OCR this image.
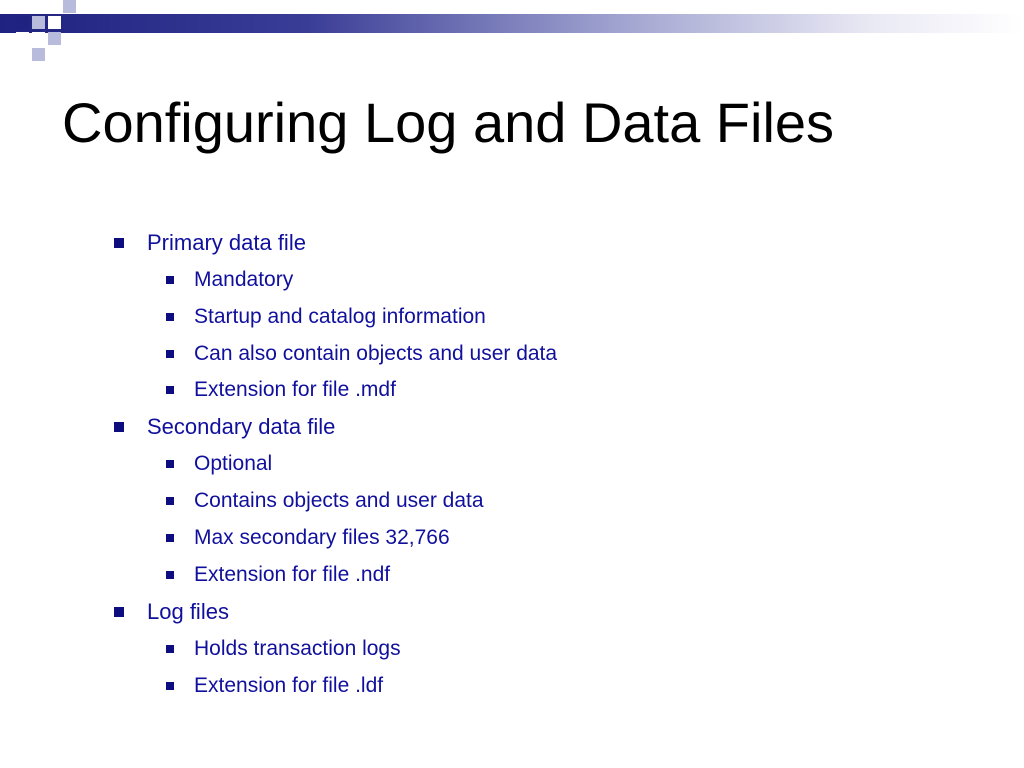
Configuring Log and Data Files
Primary data file
Mandatory
Startup and catalog information
Can also contain objects and user data
Extension for file .mdf
Secondary data file
Optional
Contains objects and user data
Max secondary files 32,766
Extension for file .ndf
Log files
Holds transaction logs
Extension for file .ldf
